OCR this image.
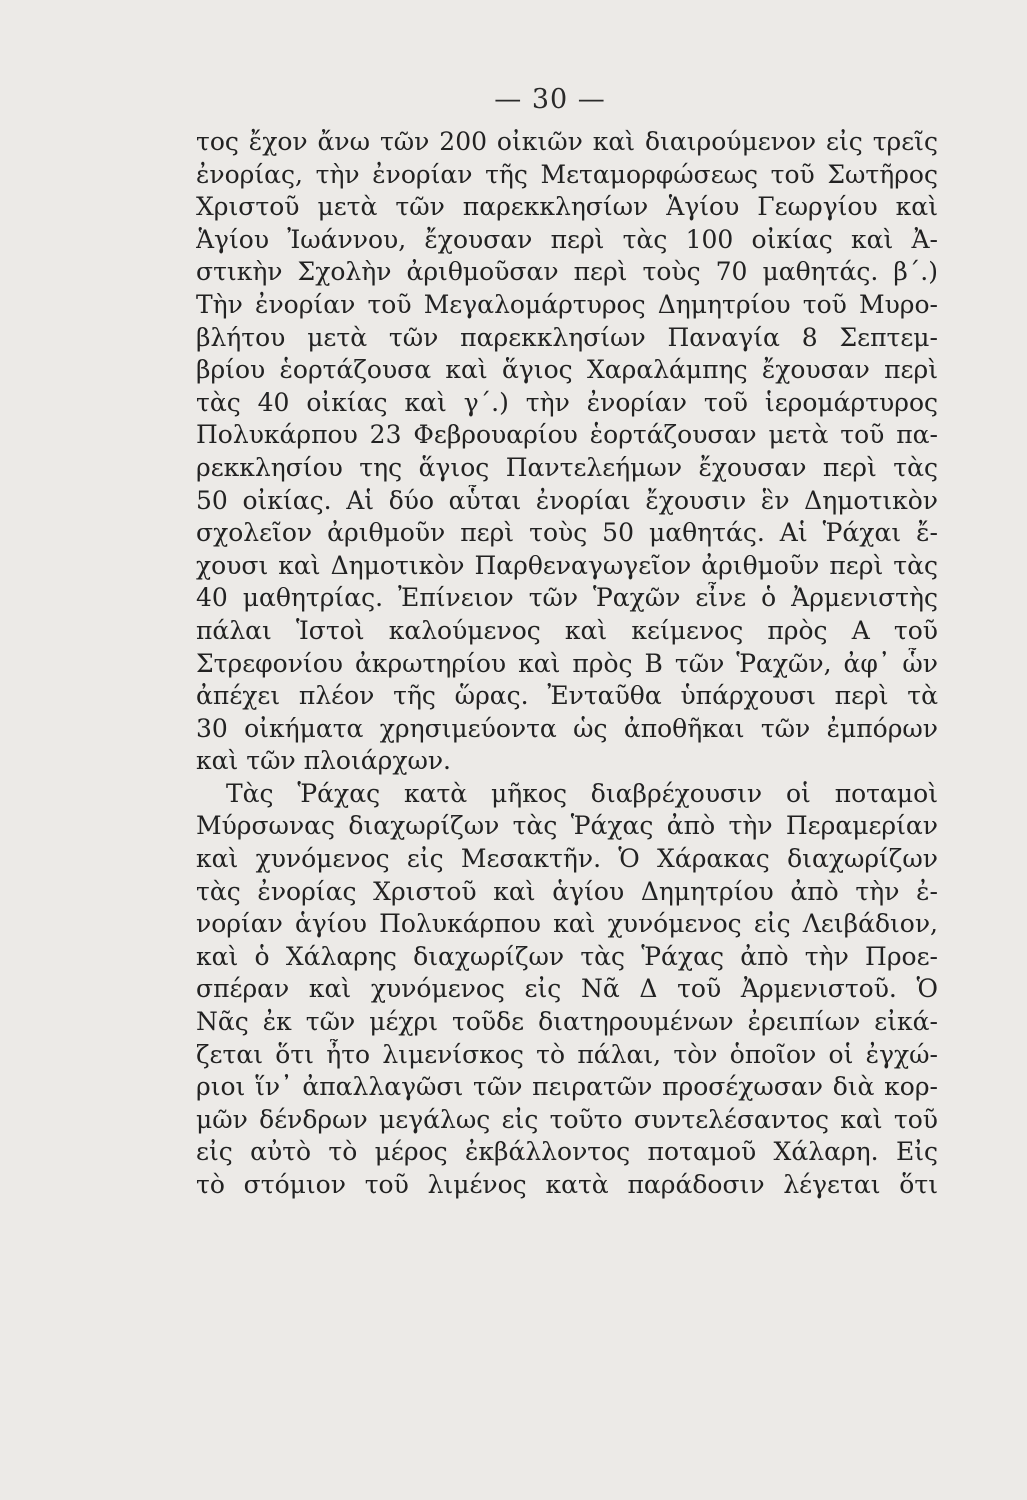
— 30 —
τος ἔχον ἄνω τῶν 200 οἰκιῶν καὶ διαιρούμενον εἰς τρεῖς
ἐνορίας, τὴν ἐνορίαν τῆς Μεταμορφώσεως τοῦ Σωτῆρος
Χριστοῦ μετὰ τῶν παρεκκλησίων Ἁγίου Γεωργίου καὶ
Ἁγίου Ἰωάννου, ἔχουσαν περὶ τὰς 100 οἰκίας καὶ Ἀ-
στικὴν Σχολὴν ἀριθμοῦσαν περὶ τοὺς 70 μαθητάς. β΄.)
Τὴν ἐνορίαν τοῦ Μεγαλομάρτυρος Δημητρίου τοῦ Μυρο-
βλήτου μετὰ τῶν παρεκκλησίων Παναγία 8 Σεπτεμ-
βρίου ἑορτάζουσα καὶ ἅγιος Χαραλάμπης ἔχουσαν περὶ
τὰς 40 οἰκίας καὶ γ΄.) τὴν ἐνορίαν τοῦ ἱερομάρτυρος
Πολυκάρπου 23 Φεβρουαρίου ἑορτάζουσαν μετὰ τοῦ πα-
ρεκκλησίου της ἅγιος Παντελεήμων ἔχουσαν περὶ τὰς
50 οἰκίας. Αἱ δύο αὗται ἐνορίαι ἔχουσιν ἓν Δημοτικὸν
σχολεῖον ἀριθμοῦν περὶ τοὺς 50 μαθητάς. Αἱ Ῥάχαι ἔ-
χουσι καὶ Δημοτικὸν Παρθεναγωγεῖον ἀριθμοῦν περὶ τὰς
40 μαθητρίας. Ἐπίνειον τῶν Ῥαχῶν εἶνε ὁ Ἀρμενιστὴς
πάλαι Ἱστοὶ καλούμενος καὶ κείμενος πρὸς Α τοῦ
Στρεφονίου ἀκρωτηρίου καὶ πρὸς Β τῶν Ῥαχῶν, ἀφ᾽ ὧν
ἀπέχει πλέον τῆς ὥρας. Ἐνταῦθα ὑπάρχουσι περὶ τὰ
30 οἰκήματα χρησιμεύοντα ὡς ἀποθῆκαι τῶν ἐμπόρων
καὶ τῶν πλοιάρχων.
Τὰς Ῥάχας κατὰ μῆκος διαβρέχουσιν οἱ ποταμοὶ
Μύρσωνας διαχωρίζων τὰς Ῥάχας ἀπὸ τὴν Περαμερίαν
καὶ χυνόμενος εἰς Μεσακτῆν. Ὁ Χάρακας διαχωρίζων
τὰς ἐνορίας Χριστοῦ καὶ ἁγίου Δημητρίου ἀπὸ τὴν ἐ-
νορίαν ἁγίου Πολυκάρπου καὶ χυνόμενος εἰς Λειβάδιον,
καὶ ὁ Χάλαρης διαχωρίζων τὰς Ῥάχας ἀπὸ τὴν Προε-
σπέραν καὶ χυνόμενος εἰς Νᾶ Δ τοῦ Ἀρμενιστοῦ. Ὁ
Νᾶς ἐκ τῶν μέχρι τοῦδε διατηρουμένων ἐρειπίων εἰκά-
ζεται ὅτι ἦτο λιμενίσκος τὸ πάλαι, τὸν ὁποῖον οἱ ἐγχώ-
ριοι ἵν᾽ ἀπαλλαγῶσι τῶν πειρατῶν προσέχωσαν διὰ κορ-
μῶν δένδρων μεγάλως εἰς τοῦτο συντελέσαντος καὶ τοῦ
εἰς αὐτὸ τὸ μέρος ἐκβάλλοντος ποταμοῦ Χάλαρη. Εἰς
τὸ στόμιον τοῦ λιμένος κατὰ παράδοσιν λέγεται ὅτι
